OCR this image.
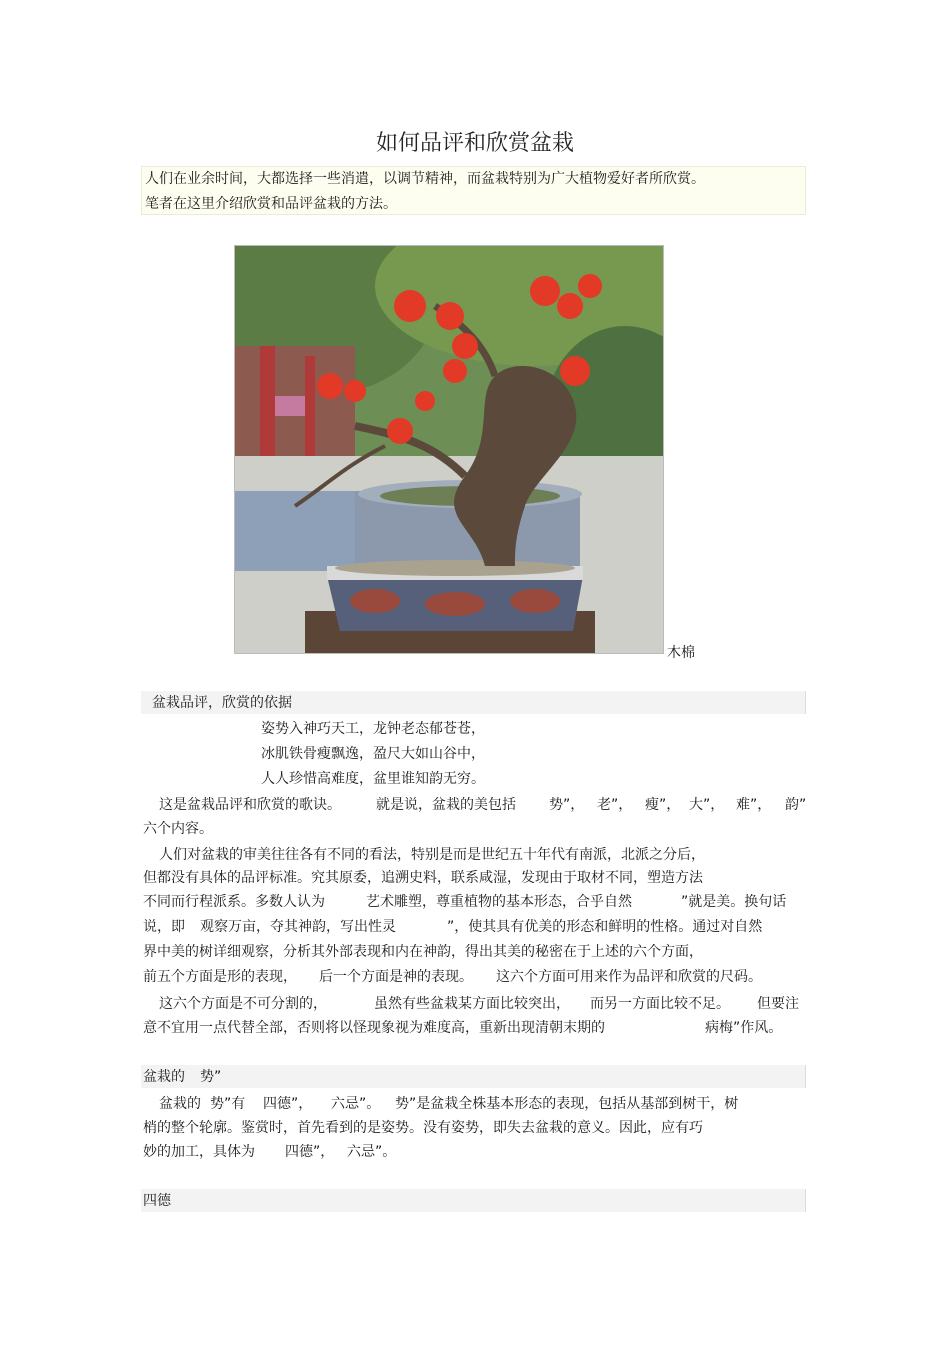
如何品评和欣赏盆栽
人们在业余时间，大都选择一些消遣，以调节精神，而盆栽特别为广大植物爱好者所欣赏。
笔者在这里介绍欣赏和品评盆栽的方法。
木棉
盆栽品评，欣赏的依据
姿势入神巧天工，龙钟老态郁苍苍，
冰肌铁骨瘦飘逸，盈尺大如山谷中，
人人珍惜高难度，盆里谁知韵无穷。
这是盆栽品评和欣赏的歌诀。	就是说，盆栽的美包括 势”， 老”， 瘦”， 大”， 难”， 韵”
六个内容。
人们对盆栽的审美往往各有不同的看法，特别是而是世纪五十年代有南派，北派之分后，
但都没有具体的品评标准。究其原委，追溯史料，联系咸湿，发现由于取材不同，塑造方法
不同而行程派系。多数人认为	艺术雕塑，尊重植物的基本形态，合乎自然	”就是美。换句话
说，即 观察万亩，夺其神韵，写出性灵	”，使其具有优美的形态和鲜明的性格。通过对自然
界中美的树详细观察，分析其外部表现和内在神韵，得出其美的秘密在于上述的六个方面，
前五个方面是形的表现， 后一个方面是神的表现。 这六个方面可用来作为品评和欣赏的尺码。
这六个方面是不可分割的，	虽然有些盆栽某方面比较突出， 而另一方面比较不足。 但要注
意不宜用一点代替全部，否则将以怪现象视为难度高，重新出现清朝末期的	病梅”作风。
盆栽的 势”
盆栽的 势”有 四德”， 六忌”。 势”是盆栽全株基本形态的表现，包括从基部到树干，树
梢的整个轮廓。鉴赏时，首先看到的是姿势。没有姿势，即失去盆栽的意义。因此，应有巧
妙的加工，具体为 四德”， 六忌”。
四德
